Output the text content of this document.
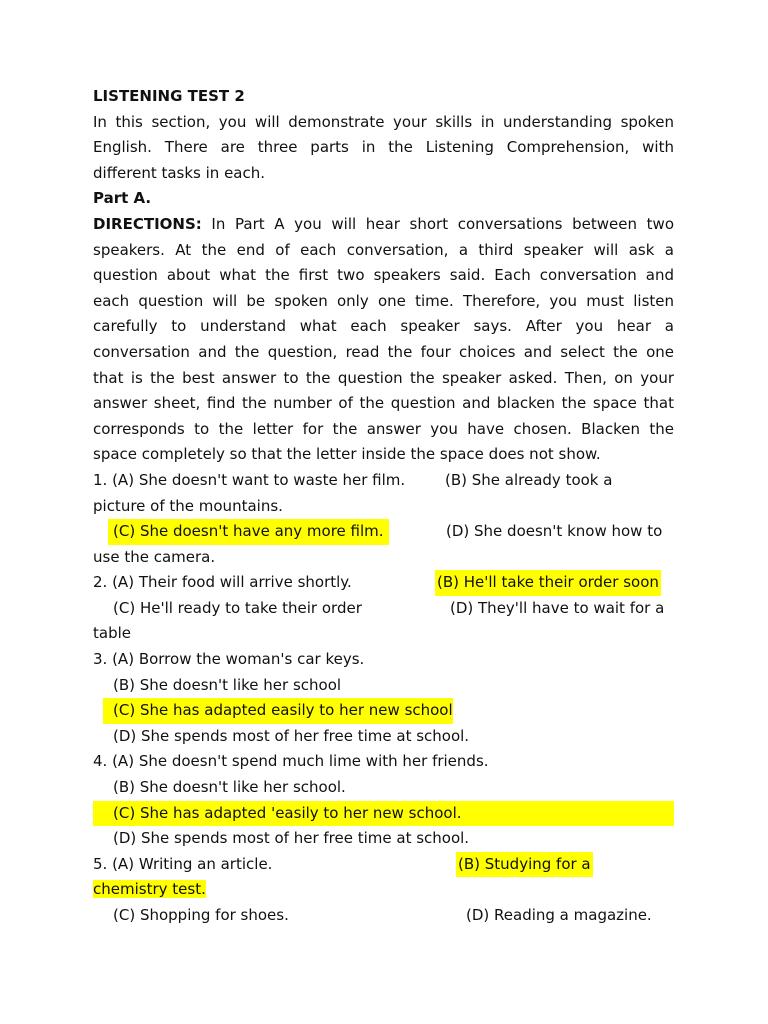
LISTENING TEST 2
In this section, you will demonstrate your skills in understanding spoken
English. There are three parts in the Listening Comprehension, with
different tasks in each.
Part A.
DIRECTIONS: In Part A you will hear short conversations between two
speakers. At the end of each conversation, a third speaker will ask a
question about what the first two speakers said. Each conversation and
each question will be spoken only one time. Therefore, you must listen
carefully to understand what each speaker says. After you hear a
conversation and the question, read the four choices and select the one
that is the best answer to the question the speaker asked. Then, on your
answer sheet, find the number of the question and blacken the space that
corresponds to the letter for the answer you have chosen. Blacken the
space completely so that the letter inside the space does not show.
1. (A) She doesn't want to waste her film.	(B) She already took a
picture of the mountains.
(C) She doesn't have any more film.	(D) She doesn't know how to
use the camera.
2. (A) Their food will arrive shortly.	(B) He'll take their order soon
(C) He'll ready to take their order	(D) They'll have to wait for a
table
3. (A) Borrow the woman's car keys.
(B) She doesn't like her school
(C) She has adapted easily to her new school
(D) She spends most of her free time at school.
4. (A) She doesn't spend much lime with her friends.
(B) She doesn't like her school.
(C) She has adapted 'easily to her new school.
(D) She spends most of her free time at school.
5. (A) Writing an article.	(B) Studying for a
chemistry test.
(C) Shopping for shoes.	(D) Reading a magazine.
